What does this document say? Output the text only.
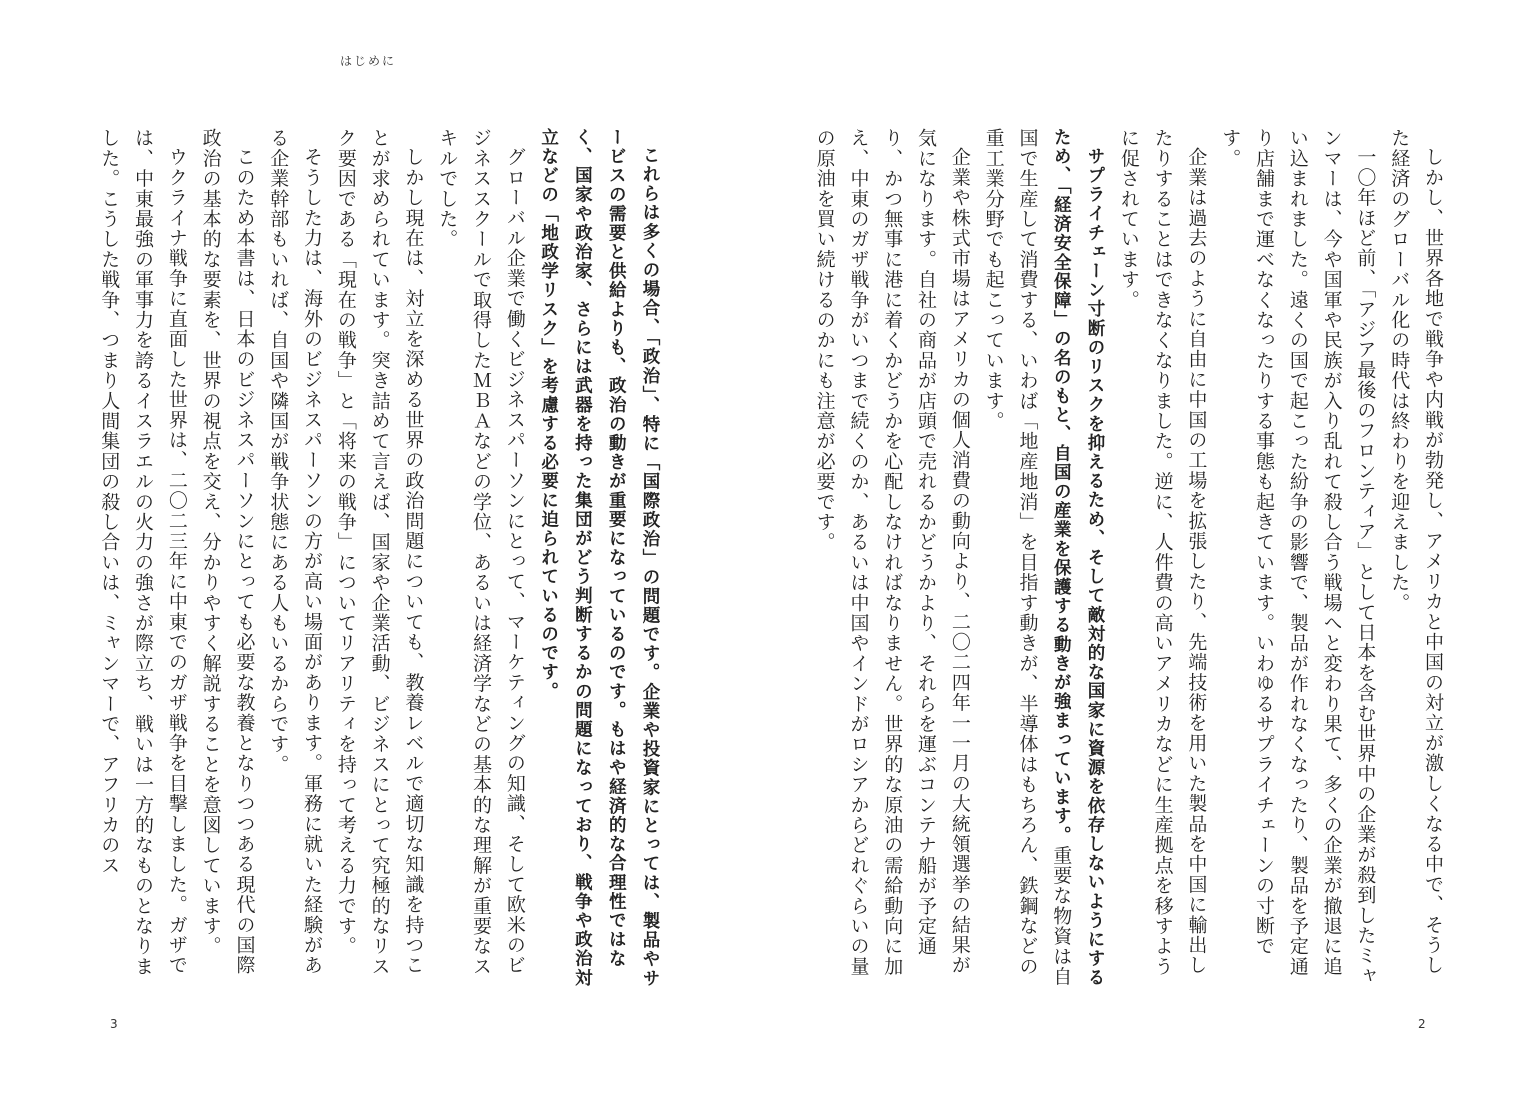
はじめに

これらは多くの場合、「政治」、特に「国際政治」の問題です。企業や投資家にとっては、製品やサービスの需要と供給よりも、政治の動きが重要になっているのです。もはや経済的な合理性ではなく、国家や政治家、さらには武器を持った集団がどう判断するかの問題になっており、戦争や政治対立などの「地政学リスク」を考慮する必要に迫られているのです。

グローバル企業で働くビジネスパーソンにとって、マーケティングの知識、そして欧米のビジネススクールで取得したＭＢＡなどの学位、あるいは経済学などの基本的な理解が重要なスキルでした。

しかし現在は、対立を深める世界の政治問題についても、教養レベルで適切な知識を持つことが求められています。突き詰めて言えば、国家や企業活動、ビジネスにとって究極的なリスク要因である「現在の戦争」と「将来の戦争」についてリアリティを持って考える力です。

そうした力は、海外のビジネスパーソンの方が高い場面があります。軍務に就いた経験がある企業幹部もいれば、自国や隣国が戦争状態にある人もいるからです。

このため本書は、日本のビジネスパーソンにとっても必要な教養となりつつある現代の国際政治の基本的な要素を、世界の視点を交え、分かりやすく解説することを意図しています。

ウクライナ戦争に直面した世界は、二〇二三年に中東でのガザ戦争を目撃しました。ガザでは、中東最強の軍事力を誇るイスラエルの火力の強さが際立ち、戦いは一方的なものとなりました。こうした戦争、つまり人間集団の殺し合いは、ミャンマーで、アフリカのス

3

しかし、世界各地で戦争や内戦が勃発し、アメリカと中国の対立が激しくなる中で、そうした経済のグローバル化の時代は終わりを迎えました。

一〇年ほど前、「アジア最後のフロンティア」として日本を含む世界中の企業が殺到したミャンマーは、今や国軍や民族が入り乱れて殺し合う戦場へと変わり果て、多くの企業が撤退に追い込まれました。遠くの国で起こった紛争の影響で、製品が作れなくなったり、製品を予定通り店舗まで運べなくなったりする事態も起きています。いわゆるサプライチェーンの寸断です。

企業は過去のように自由に中国の工場を拡張したり、先端技術を用いた製品を中国に輸出したりすることはできなくなりました。逆に、人件費の高いアメリカなどに生産拠点を移すように促されています。

サプライチェーン寸断のリスクを抑えるため、そして敵対的な国家に資源を依存しないようにするため、「経済安全保障」の名のもと、自国の産業を保護する動きが強まっています。重要な物資は自国で生産して消費する、いわば「地産地消」を目指す動きが、半導体はもちろん、鉄鋼などの重工業分野でも起こっています。

企業や株式市場はアメリカの個人消費の動向より、二〇二四年一一月の大統領選挙の結果が気になります。自社の商品が店頭で売れるかどうかより、それらを運ぶコンテナ船が予定通り、かつ無事に港に着くかどうかを心配しなければなりません。世界的な原油の需給動向に加え、中東のガザ戦争がいつまで続くのか、あるいは中国やインドがロシアからどれぐらいの量の原油を買い続けるのかにも注意が必要です。

2
